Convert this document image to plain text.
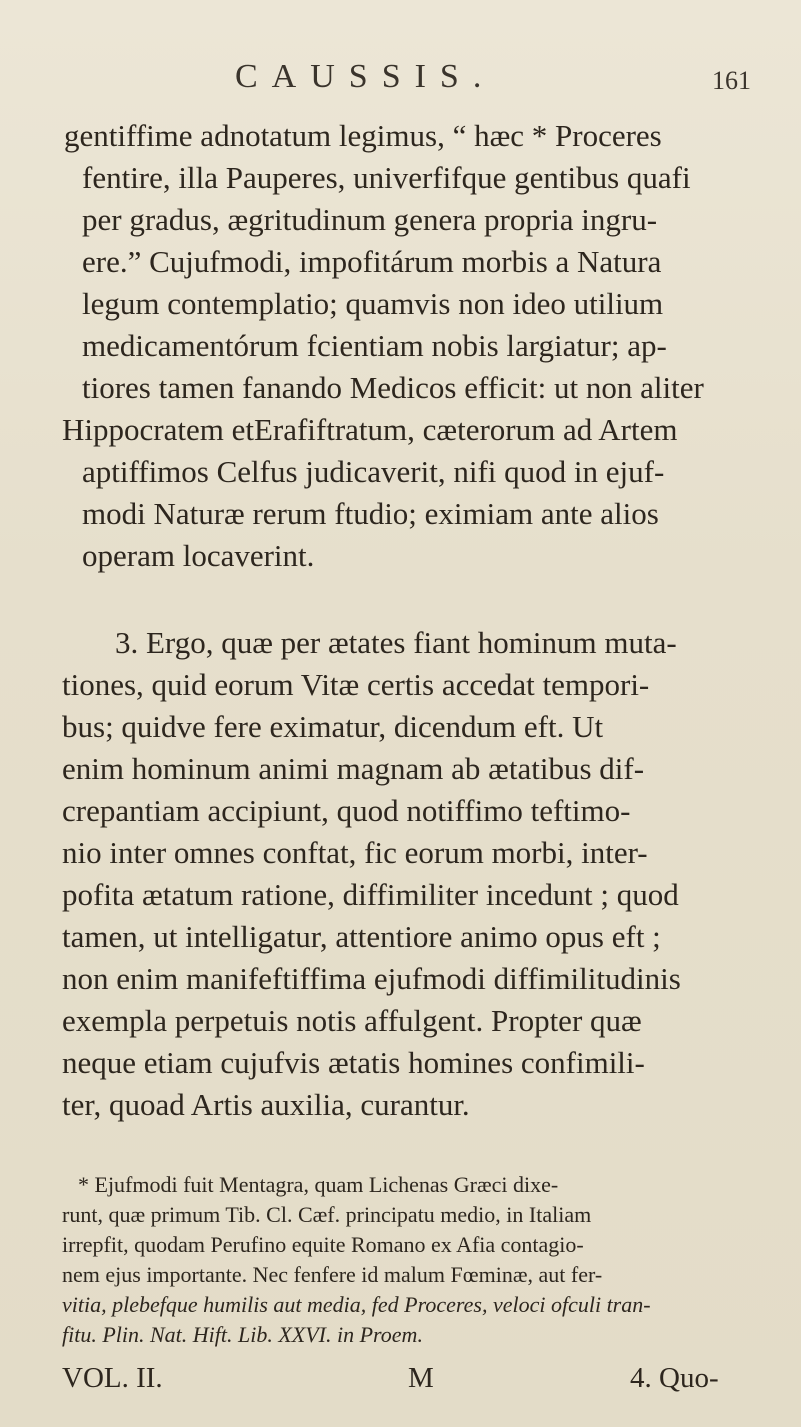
CAUSSIS.	161
gentiffime adnotatum legimus, “ hæc * Proceres
fentire, illa Pauperes, univerfifque gentibus quafi
per gradus, ægritudinum genera propria ingru-
ere.” Cujufmodi, impofitárum morbis a Natura
legum contemplatio; quamvis non ideo utilium
medicamentórum fcientiam nobis largiatur; ap-
tiores tamen fanando Medicos efficit: ut non aliter
Hippocratem etErafiftratum, cæterorum ad Artem
aptiffimos Celfus judicaverit, nifi quod in ejuf-
modi Naturæ rerum ftudio; eximiam ante alios
operam locaverint.
3. Ergo, quæ per ætates fiant hominum muta-
tiones, quid eorum Vitæ certis accedat tempori-
bus; quidve fere eximatur, dicendum eft. Ut
enim hominum animi magnam ab ætatibus dif-
crepantiam accipiunt, quod notiffimo teftimo-
nio inter omnes conftat, fic eorum morbi, inter-
pofita ætatum ratione, diffimiliter incedunt ; quod
tamen, ut intelligatur, attentiore animo opus eft ;
non enim manifeftiffima ejufmodi diffimilitudinis
exempla perpetuis notis affulgent. Propter quæ
neque etiam cujufvis ætatis homines confimili-
ter, quoad Artis auxilia, curantur.
* Ejufmodi fuit Mentagra, quam Lichenas Græci dixe-
runt, quæ primum Tib. Cl. Cæf. principatu medio, in Italiam
irrepfit, quodam Perufino equite Romano ex Afia contagio-
nem ejus importante. Nec fenfere id malum Fœminæ, aut fer-
vitia, plebefque humilis aut media, fed Proceres, veloci ofculi tran-
fitu. Plin. Nat. Hift. Lib. XXVI. in Proem.
VOL. II.	M	4. Quo-
